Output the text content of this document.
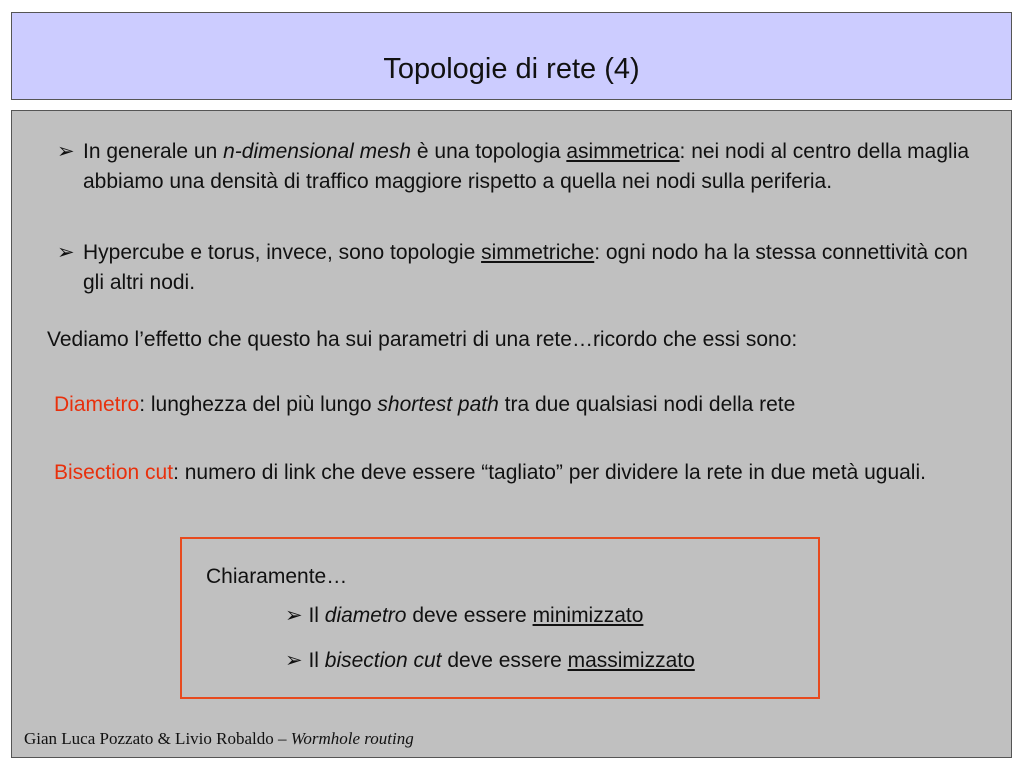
Topologie di rete (4)
➢ In generale un n-dimensional mesh è una topologia asimmetrica: nei nodi al centro della maglia abbiamo una densità di traffico maggiore rispetto a quella nei nodi sulla periferia.
➢ Hypercube e torus, invece, sono topologie simmetriche: ogni nodo ha la stessa connettività con gli altri nodi.
Vediamo l’effetto che questo ha sui parametri di una rete…ricordo che essi sono:
Diametro: lunghezza del più lungo shortest path tra due qualsiasi nodi della rete
Bisection cut: numero di link che deve essere “tagliato” per dividere la rete in due metà uguali.
Chiaramente…
➢ Il diametro deve essere minimizzato
➢ Il bisection cut deve essere massimizzato
Gian Luca Pozzato & Livio Robaldo – Wormhole routing
